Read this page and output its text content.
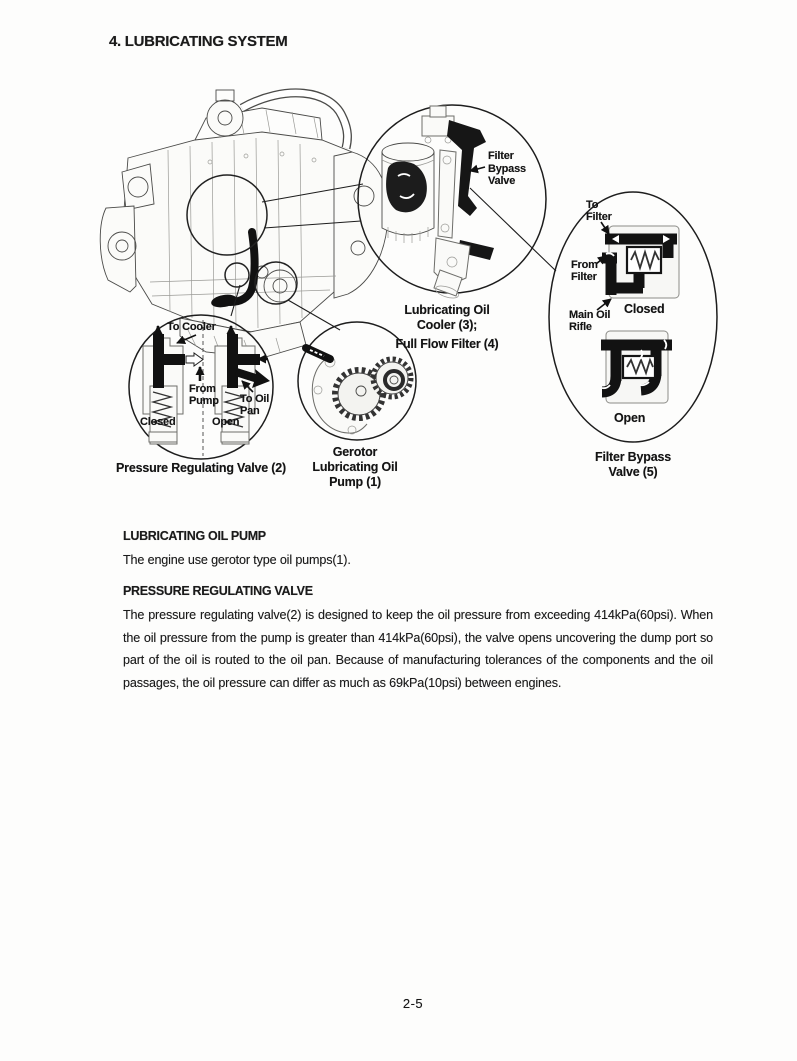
4. LUBRICATING SYSTEM
To Cooler
From Pump	To Oil Pan
Closed	Open
Pressure Regulating Valve (2)
Gerotor Lubricating Oil Pump (1)
Filter Bypass Valve
Lubricating Oil Cooler (3);
Full Flow Filter (4)
To Filter
From Filter
Main Oil Rifle
Closed
Open
Filter Bypass Valve (5)
LUBRICATING OIL PUMP

The engine use gerotor type oil pumps(1).

PRESSURE REGULATING VALVE

The pressure regulating valve(2) is designed to keep the oil pressure from exceeding 414kPa(60psi). When the oil pressure from the pump is greater than 414kPa(60psi), the valve opens uncovering the dump port so part of the oil is routed to the oil pan. Because of manufacturing tolerances of the components and the oil passages, the oil pressure can differ as much as 69kPa(10psi) between engines.

2-5
